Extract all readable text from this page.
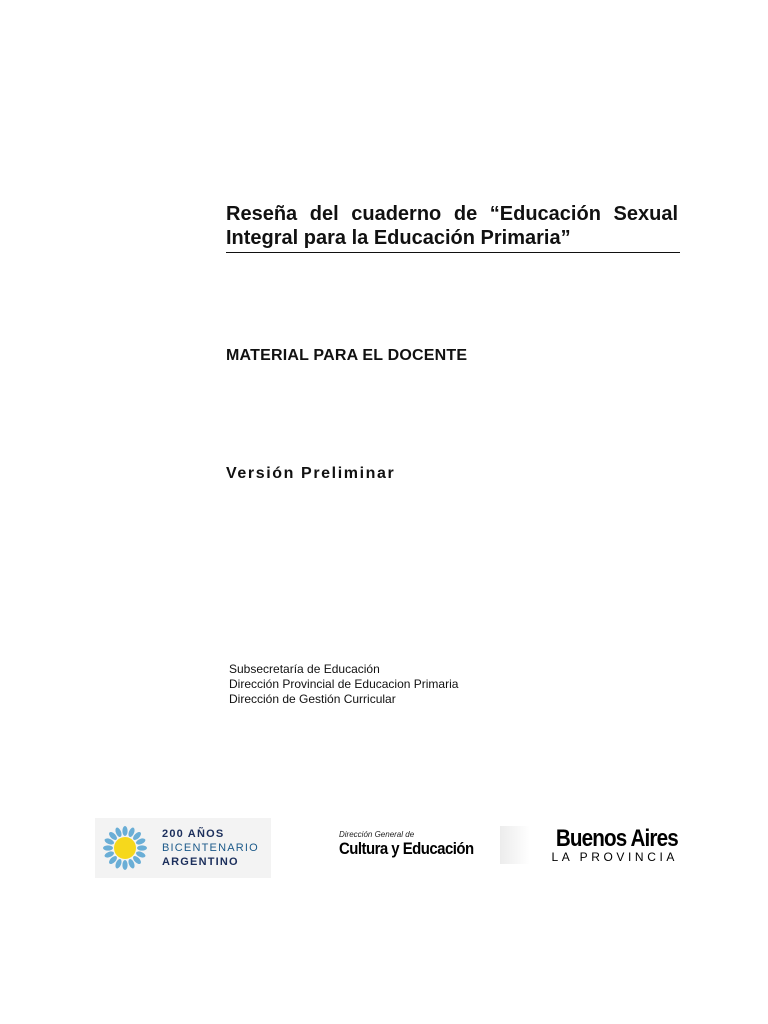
Reseña del cuaderno de “Educación Sexual
Integral para la Educación Primaria”

MATERIAL PARA EL DOCENTE

Versión Preliminar

Subsecretaría de Educación
Dirección Provincial de Educacion Primaria
Dirección de Gestión Curricular
200 AÑOS
BICENTENARIO
ARGENTINO
Dirección General de
Cultura y Educación	Buenos Aires
LA PROVINCIA
